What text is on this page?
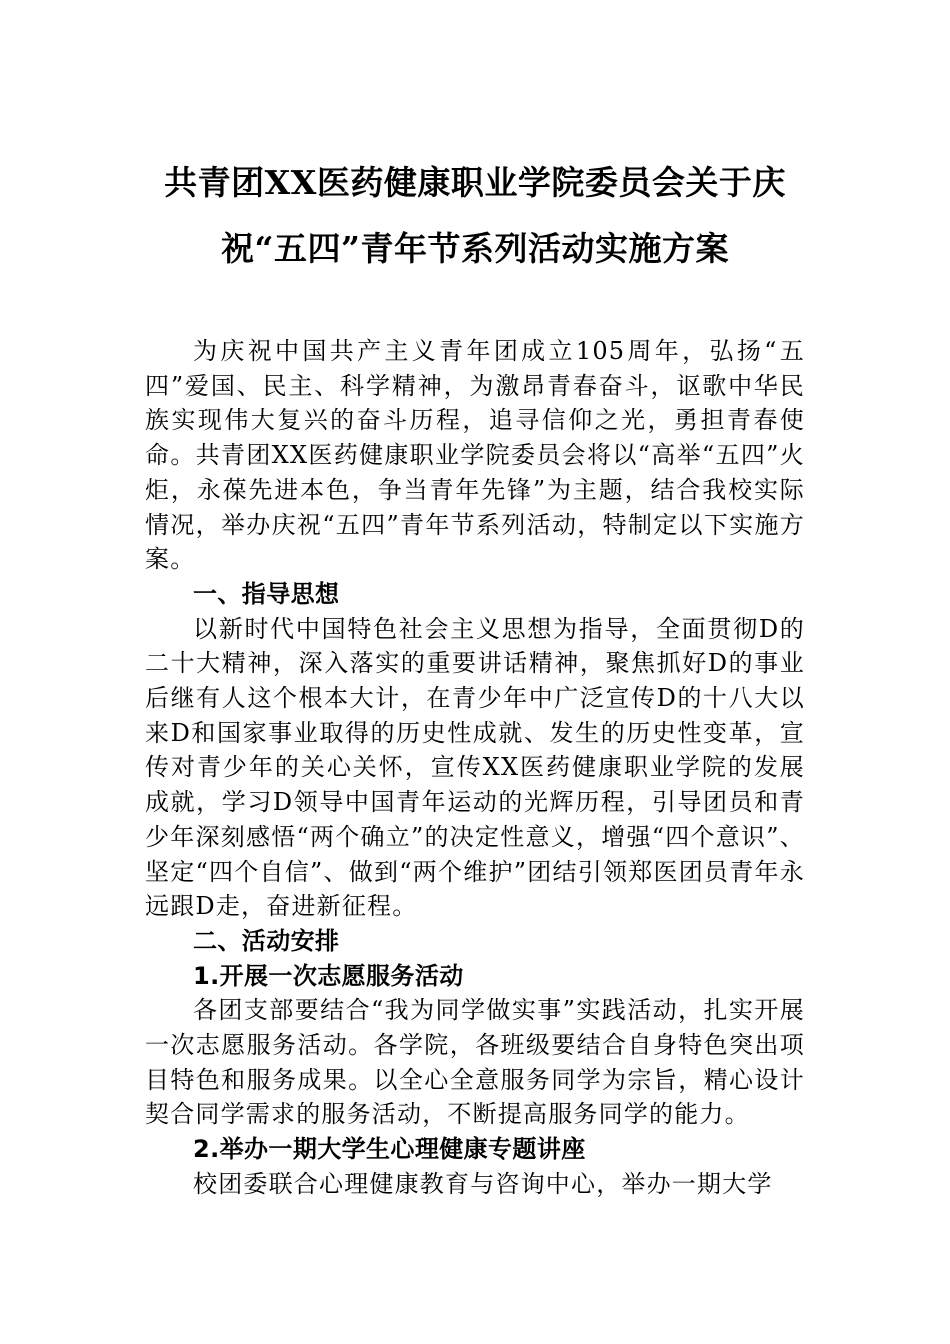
共青团XX医药健康职业学院委员会关于庆
祝“五四”青年节系列活动实施方案

为庆祝中国共产主义青年团成立105周年，弘扬“五四”爱国、民主、科学精神，为激昂青春奋斗，讴歌中华民族实现伟大复兴的奋斗历程，追寻信仰之光，勇担青春使命。共青团XX医药健康职业学院委员会将以“高举“五四”火炬，永葆先进本色，争当青年先锋”为主题，结合我校实际情况，举办庆祝“五四”青年节系列活动，特制定以下实施方案。

一、指导思想

以新时代中国特色社会主义思想为指导，全面贯彻D的二十大精神，深入落实的重要讲话精神，聚焦抓好D的事业后继有人这个根本大计，在青少年中广泛宣传D的十八大以来D和国家事业取得的历史性成就、发生的历史性变革，宣传对青少年的关心关怀，宣传XX医药健康职业学院的发展成就，学习D领导中国青年运动的光辉历程，引导团员和青少年深刻感悟“两个确立”的决定性意义，增强“四个意识”、坚定“四个自信”、做到“两个维护”团结引领郑医团员青年永远跟D走，奋进新征程。

二、活动安排
1.开展一次志愿服务活动

各团支部要结合“我为同学做实事”实践活动，扎实开展一次志愿服务活动。各学院，各班级要结合自身特色突出项目特色和服务成果。以全心全意服务同学为宗旨，精心设计契合同学需求的服务活动，不断提高服务同学的能力。

2.举办一期大学生心理健康专题讲座

校团委联合心理健康教育与咨询中心，举办一期大学
